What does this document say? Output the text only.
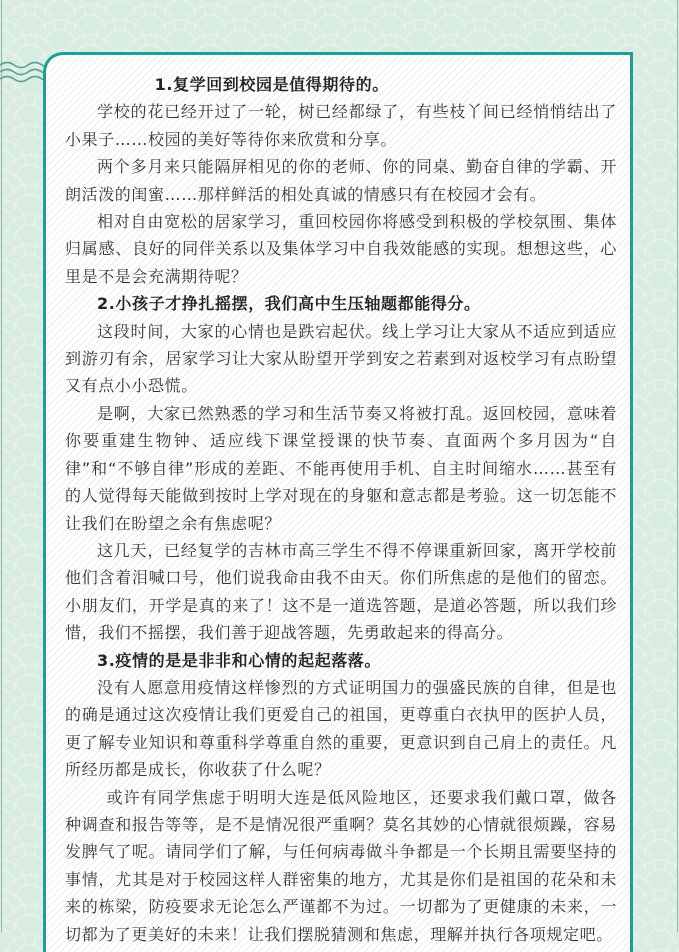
1.复学回到校园是值得期待的。

学校的花已经开过了一轮，树已经都绿了，有些枝丫间已经悄悄结出了小果子……校园的美好等待你来欣赏和分享。

两个多月来只能隔屏相见的你的老师、你的同桌、勤奋自律的学霸、开朗活泼的闺蜜……那样鲜活的相处真诚的情感只有在校园才会有。

相对自由宽松的居家学习，重回校园你将感受到积极的学校氛围、集体归属感、良好的同伴关系以及集体学习中自我效能感的实现。想想这些，心里是不是会充满期待呢？

2.小孩子才挣扎摇摆，我们高中生压轴题都能得分。

这段时间，大家的心情也是跌宕起伏。线上学习让大家从不适应到适应到游刃有余，居家学习让大家从盼望开学到安之若素到对返校学习有点盼望又有点小小恐慌。

是啊，大家已然熟悉的学习和生活节奏又将被打乱。返回校园，意味着你要重建生物钟、适应线下课堂授课的快节奏、直面两个多月因为“自律”和“不够自律”形成的差距、不能再使用手机、自主时间缩水……甚至有的人觉得每天能做到按时上学对现在的身躯和意志都是考验。这一切怎能不让我们在盼望之余有焦虑呢？

这几天，已经复学的吉林市高三学生不得不停课重新回家，离开学校前他们含着泪喊口号，他们说我命由我不由天。你们所焦虑的是他们的留恋。小朋友们，开学是真的来了！这不是一道选答题，是道必答题，所以我们珍惜，我们不摇摆，我们善于迎战答题，先勇敢起来的得高分。

3.疫情的是是非非和心情的起起落落。

没有人愿意用疫情这样惨烈的方式证明国力的强盛民族的自律，但是也的确是通过这次疫情让我们更爱自己的祖国，更尊重白衣执甲的医护人员，更了解专业知识和尊重科学尊重自然的重要，更意识到自己肩上的责任。凡所经历都是成长，你收获了什么呢？

或许有同学焦虑于明明大连是低风险地区，还要求我们戴口罩，做各种调查和报告等等，是不是情况很严重啊？莫名其妙的心情就很烦躁，容易发脾气了呢。请同学们了解，与任何病毒做斗争都是一个长期且需要坚持的事情，尤其是对于校园这样人群密集的地方，尤其是你们是祖国的花朵和未来的栋梁，防疫要求无论怎么严谨都不为过。一切都为了更健康的未来，一切都为了更美好的未来！让我们摆脱猜测和焦虑，理解并执行各项规定吧。
